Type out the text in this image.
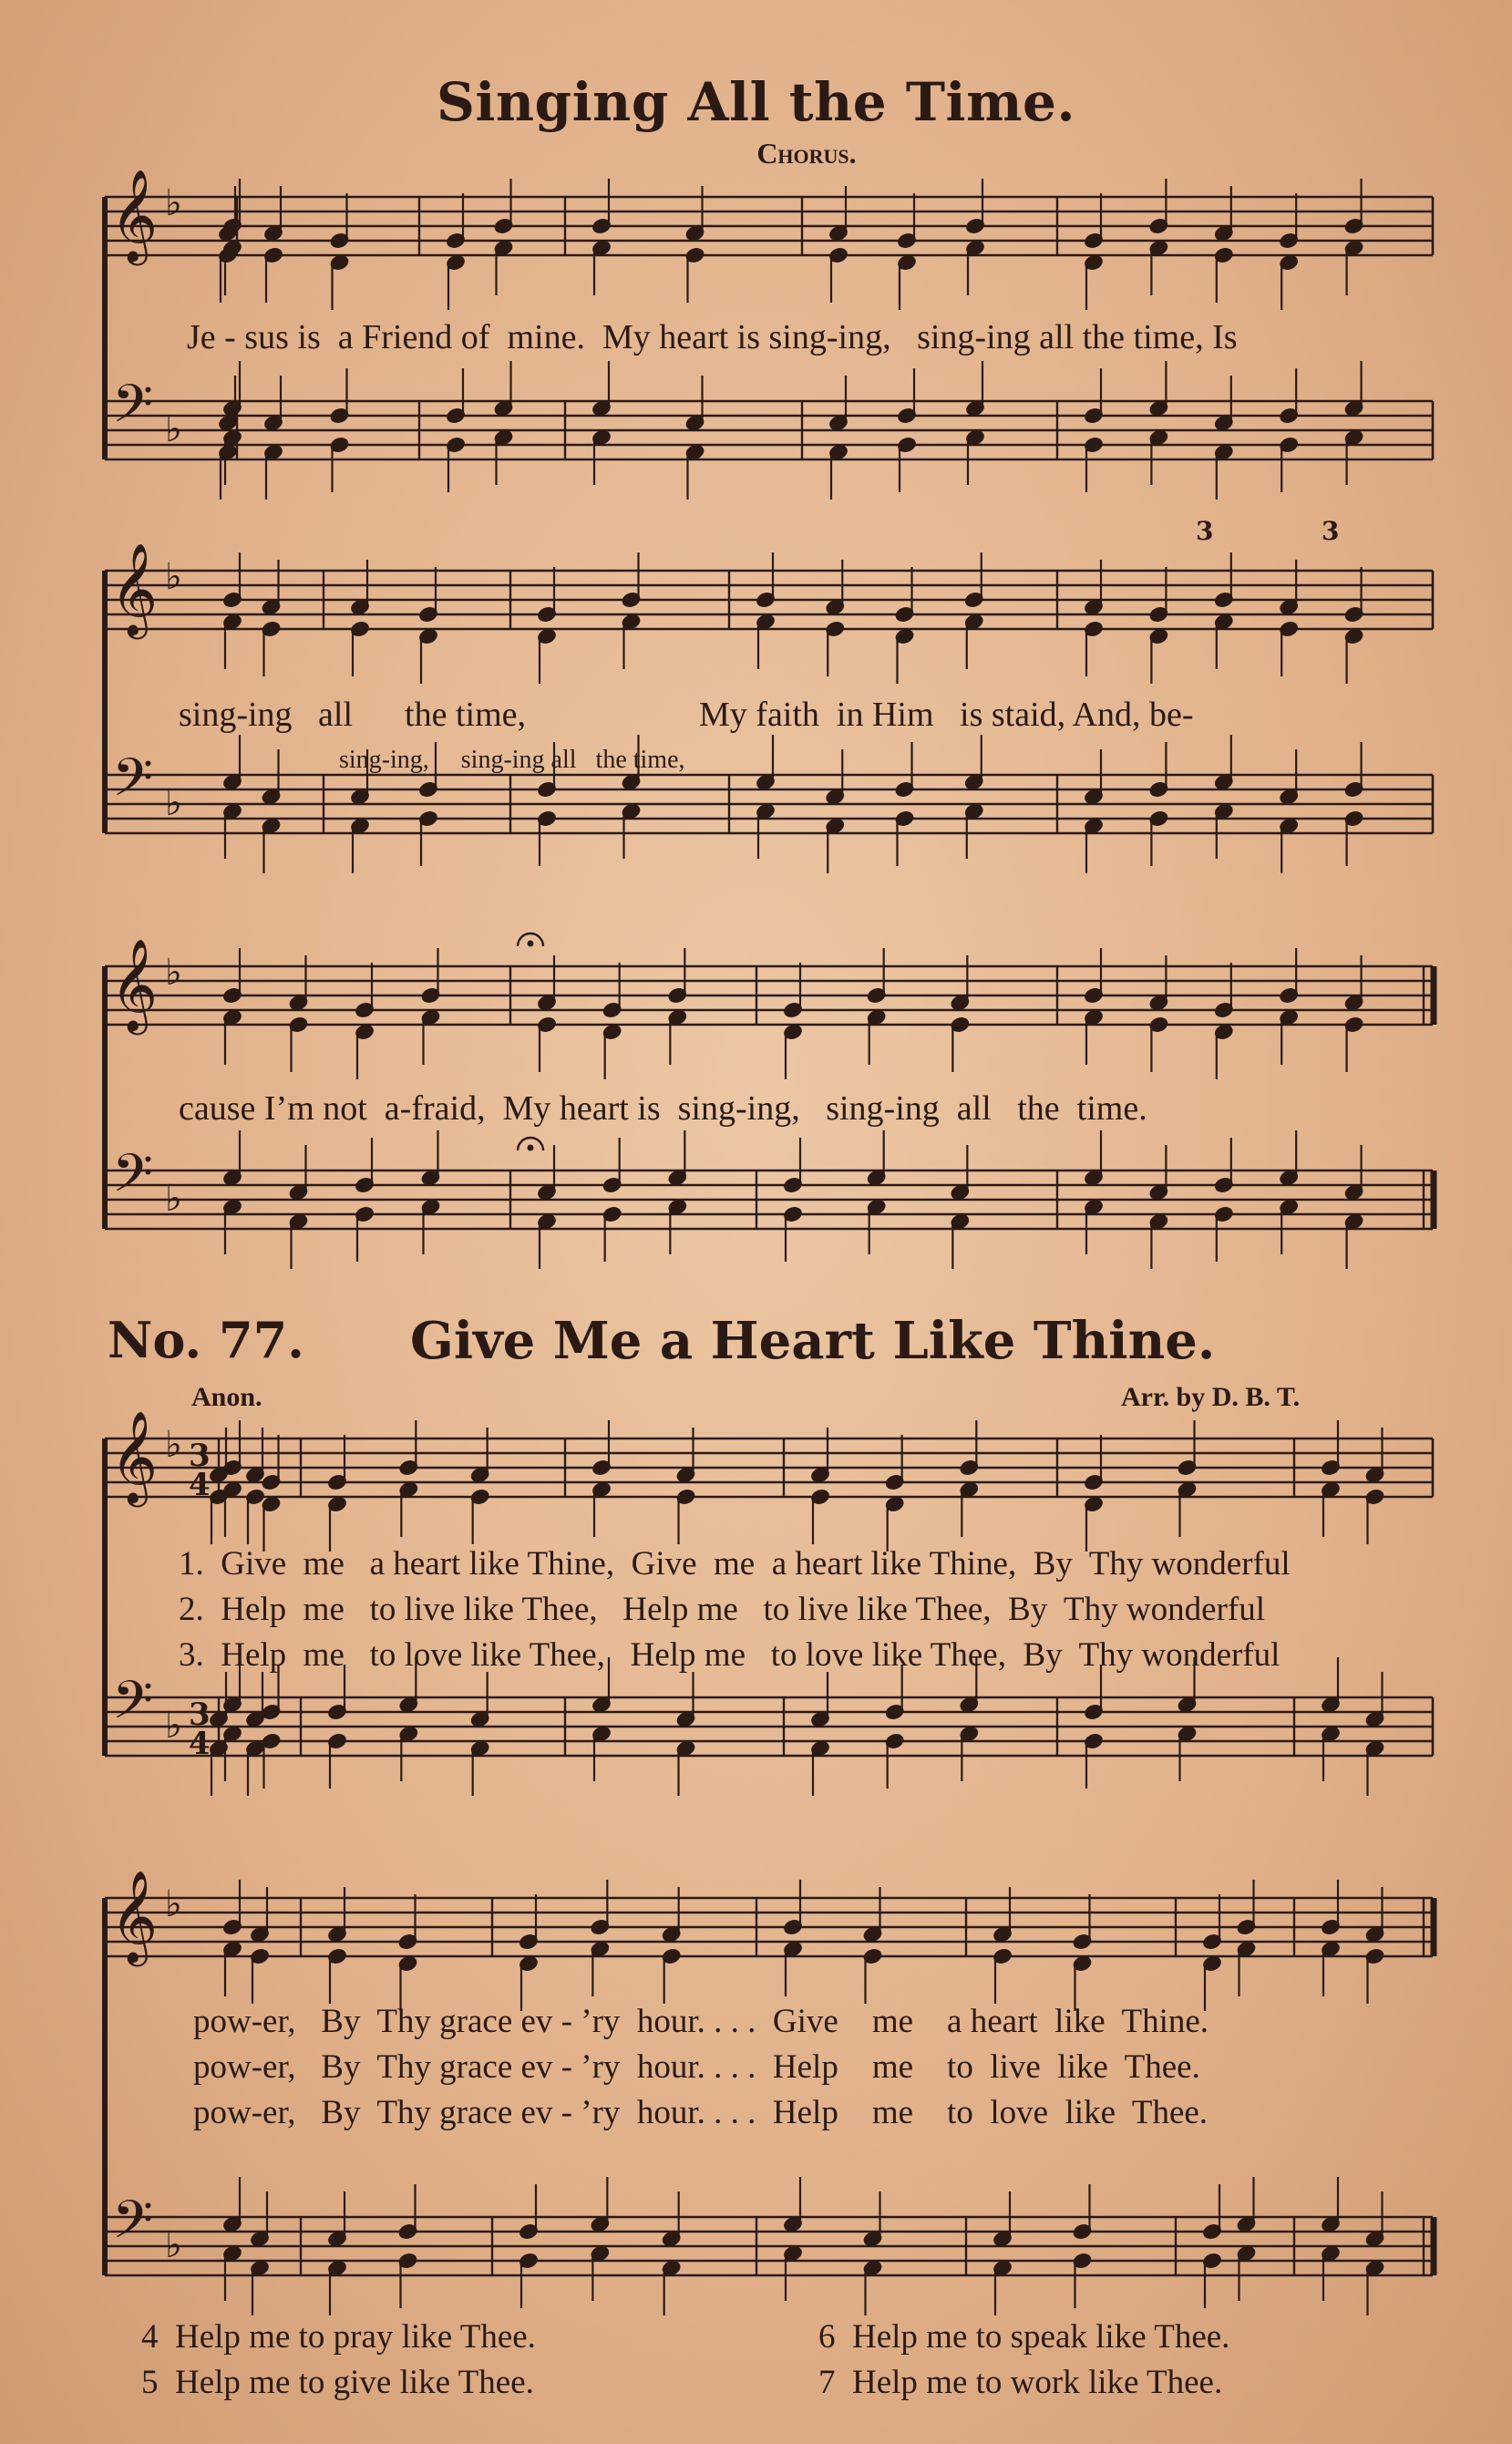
Singing All the Time.
Chorus.
𝄞
𝄢
♭
♭
𝄞
𝄢
♭
♭
𝄞
𝄢
♭
♭
𝄞
𝄢
♭
♭
𝄞
𝄢
♭
♭
3
4
3
4
3	3
Je - sus is  a Friend of  mine.  My heart is sing-ing,   sing-ing all the time, Is
sing-ing   all      the time,                    My faith  in Him   is staid, And, be-
sing-ing,     sing-ing all   the time,
cause I’m not  a-fraid,  My heart is  sing-ing,   sing-ing  all   the  time.
No. 77. Give Me a Heart Like Thine.
Anon.	Arr. by D. B. T.
1.  Give  me   a heart like Thine,  Give  me  a heart like Thine,  By  Thy wonderful
2.  Help  me   to live like Thee,   Help me   to live like Thee,  By  Thy wonderful
3.  Help  me   to love like Thee,   Help me   to love like Thee,  By  Thy wonderful
pow-er,   By  Thy grace ev - ’ry  hour. . . .  Give    me    a heart  like  Thine.
pow-er,   By  Thy grace ev - ’ry  hour. . . .  Help    me    to  live  like  Thee.
pow-er,   By  Thy grace ev - ’ry  hour. . . .  Help    me    to  love  like  Thee.
4  Help me to pray like Thee.
5  Help me to give like Thee.
6  Help me to speak like Thee.
7  Help me to work like Thee.
